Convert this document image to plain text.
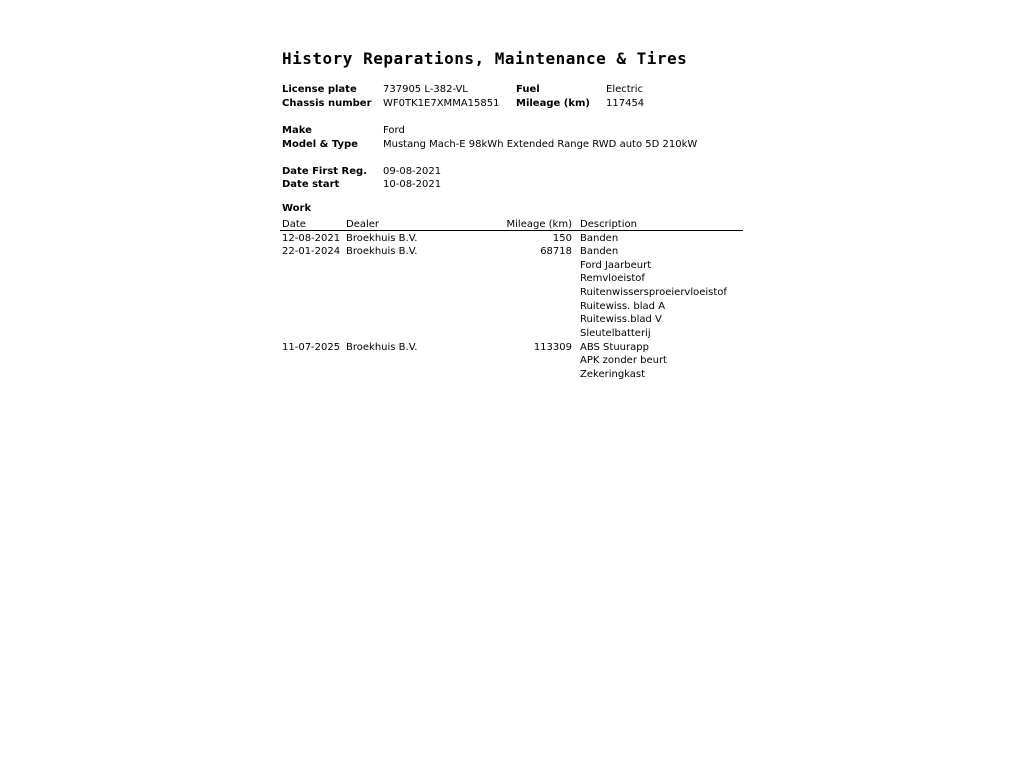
History Reparations, Maintenance & Tires
License plate	737905 L-382-VL	Fuel	Electric
Chassis number WF0TK1E7XMMA15851 Mileage (km) 117454
Make	Ford
Model & Type	Mustang Mach-E 98kWh Extended Range RWD auto 5D 210kW
Date First Reg. 09-08-2021
Date start	10-08-2021
Work
Date	Dealer	Mileage (km) Description
12-08-2021 Broekhuis B.V.	150 Banden
22-01-2024 Broekhuis B.V.	68718 Banden
Ford Jaarbeurt
Remvloeistof
Ruitenwissersproeiervloeistof
Ruitewiss. blad A
Ruitewiss.blad V
Sleutelbatterij
11-07-2025 Broekhuis B.V.	113309 ABS Stuurapp
APK zonder beurt
Zekeringkast
